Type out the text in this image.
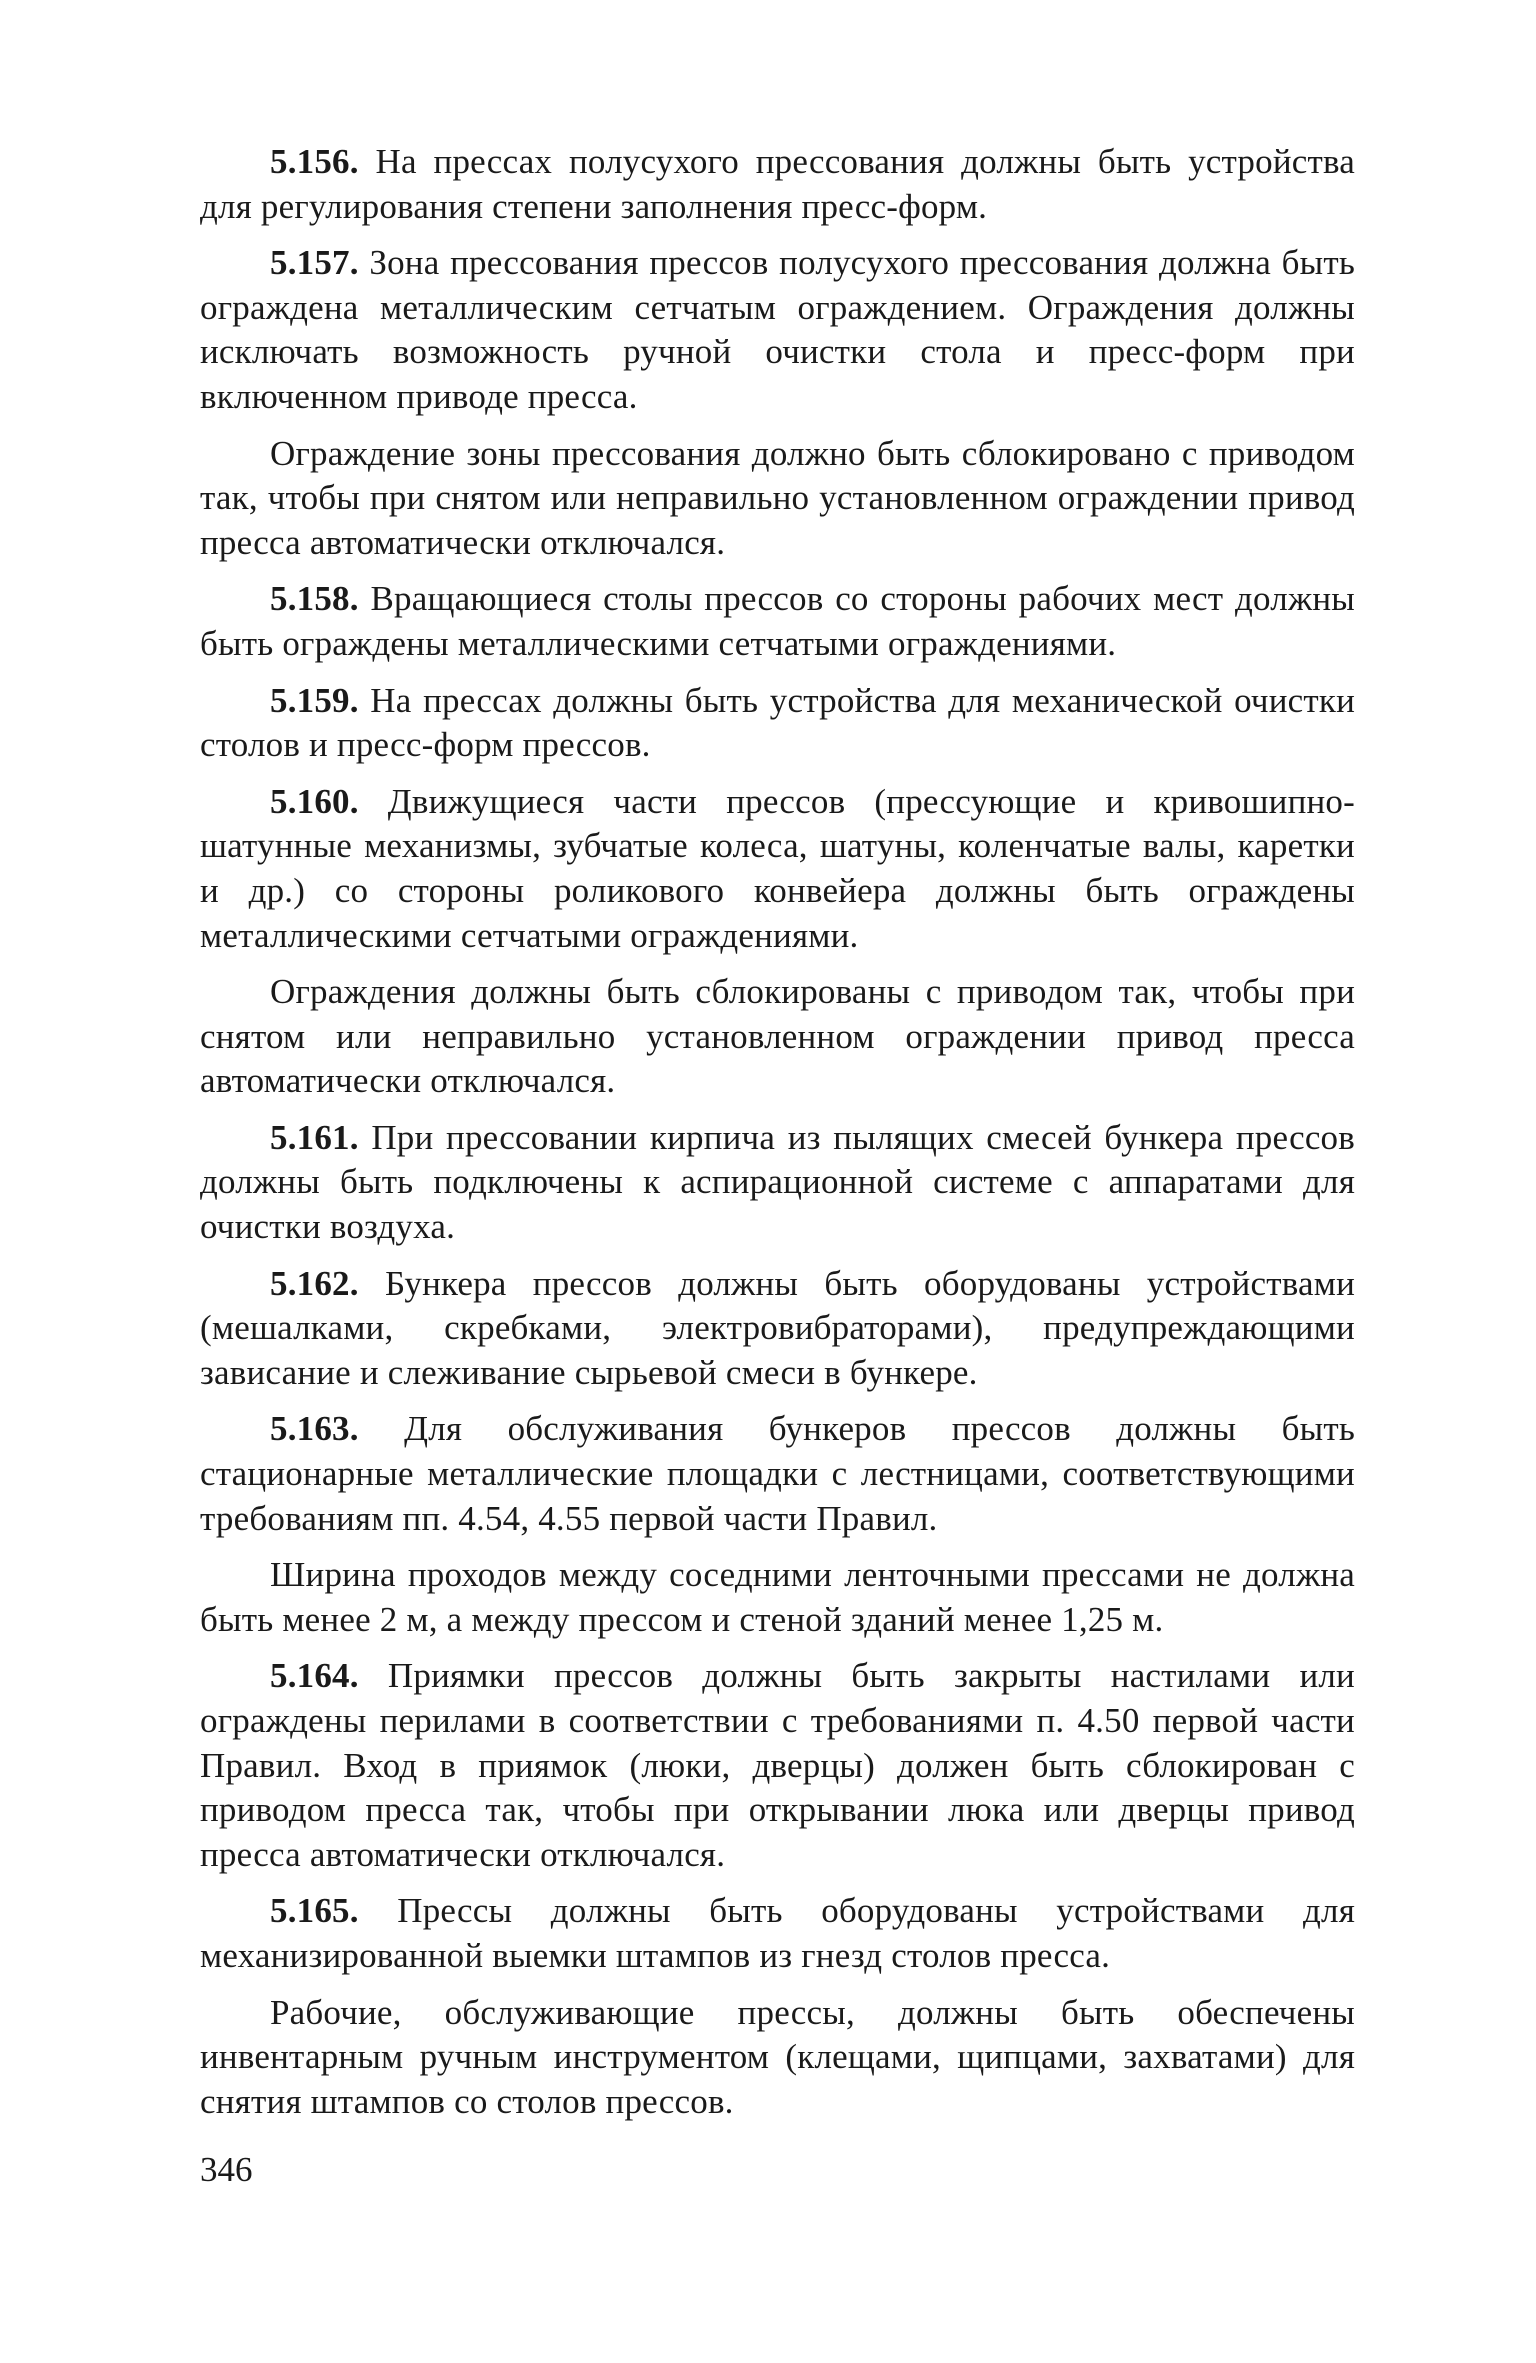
5.156. На прессах полусухого прессования должны быть устройства для регулирования степени заполнения пресс-форм.

5.157. Зона прессования прессов полусухого прессования должна быть ограждена металлическим сетчатым ограждением. Ограждения должны исключать возможность ручной очистки стола и пресс-форм при включенном приводе пресса.

Ограждение зоны прессования должно быть сблокировано с приводом так, чтобы при снятом или неправильно установленном ограждении привод пресса автоматически отключался.

5.158. Вращающиеся столы прессов со стороны рабочих мест должны быть ограждены металлическими сетчатыми ограждениями.

5.159. На прессах должны быть устройства для механической очистки столов и пресс-форм прессов.

5.160. Движущиеся части прессов (прессующие и кривошипно-шатунные механизмы, зубчатые колеса, шатуны, коленчатые валы, каретки и др.) со стороны роликового конвейера должны быть ограждены металлическими сетчатыми ограждениями.

Ограждения должны быть сблокированы с приводом так, чтобы при снятом или неправильно установленном ограждении привод пресса автоматически отключался.

5.161. При прессовании кирпича из пылящих смесей бункера прессов должны быть подключены к аспирационной системе с аппаратами для очистки воздуха.

5.162. Бункера прессов должны быть оборудованы устройствами (мешалками, скребками, электровибраторами), предупреждающими зависание и слеживание сырьевой смеси в бункере.

5.163. Для обслуживания бункеров прессов должны быть стационарные металлические площадки с лестницами, соответствующими требованиям пп. 4.54, 4.55 первой части Правил.

Ширина проходов между соседними ленточными прессами не должна быть менее 2 м, а между прессом и стеной зданий менее 1,25 м.

5.164. Приямки прессов должны быть закрыты настилами или ограждены перилами в соответствии с требованиями п. 4.50 первой части Правил. Вход в приямок (люки, дверцы) должен быть сблокирован с приводом пресса так, чтобы при открывании люка или дверцы привод пресса автоматически отключался.

5.165. Прессы должны быть оборудованы устройствами для механизированной выемки штампов из гнезд столов пресса.

Рабочие, обслуживающие прессы, должны быть обеспечены инвентарным ручным инструментом (клещами, щипцами, захватами) для снятия штампов со столов прессов.

346
